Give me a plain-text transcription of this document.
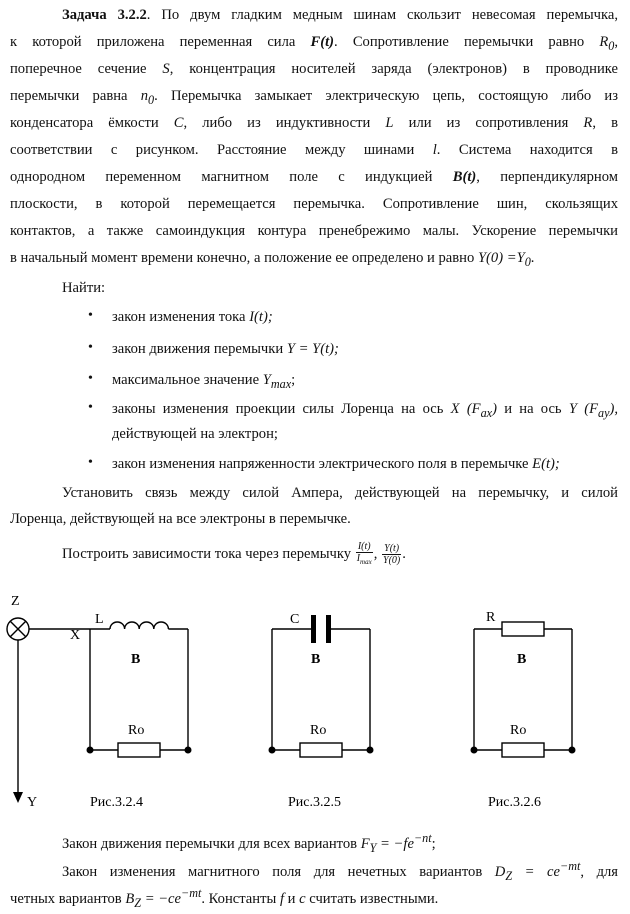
Задача 3.2.2. По двум гладким медным шинам скользит невесомая перемычка,
к которой приложена переменная сила F(t). Сопротивление перемычки равно $R_0$,
поперечное сечение S, концентрация носителей заряда (электронов) в проводнике
перемычки равна $n_0$. Перемычка замыкает электрическую цепь, состоящую либо из
конденсатора ёмкости C, либо из индуктивности L или из сопротивления R, в
соответствии с рисунком. Расстояние между шинами l. Система находится в
однородном переменном магнитном поле с индукцией B(t), перпендикулярном
плоскости, в которой перемещается перемычка. Сопротивление шин, скользящих
контактов, а также самоиндукция контура пренебрежимо малы. Ускорение перемычки
в начальный момент времени конечно, а положение ее определено и равно $Y(0) =Y_0$.
Найти:
• закон изменения тока I(t);
• закон движения перемычки Y = Y(t);
• максимальное значение $Y_{max}$;
• законы изменения проекции силы Лоренца на ось X $(F_{ax})$ и на ось Y $(F_{ay})$,
действующей на электрон;
• закон изменения напряженности электрического поля в перемычке E(t);
Установить связь между силой Ампера, действующей на перемычку, и силой
Лоренца, действующей на все электроны в перемычке.
Построить зависимости тока через перемычку $\frac{I(t)}{I_{max}}$ , $\frac{Y(t)}{Y(0)}$ .
Z
X
Y
L
B
Ro
Рис.3.2.4
C
B
Ro
Рис.3.2.5
R
B
Ro
Рис.3.2.6
Закон движения перемычки для всех вариантов $F_Y = -fe^{-nt}$;
Закон изменения магнитного поля для нечетных вариантов $D_Z = ce^{-mt}$, для
четных вариантов $B_Z = -ce^{-mt}$. Константы f и c считать известными.
